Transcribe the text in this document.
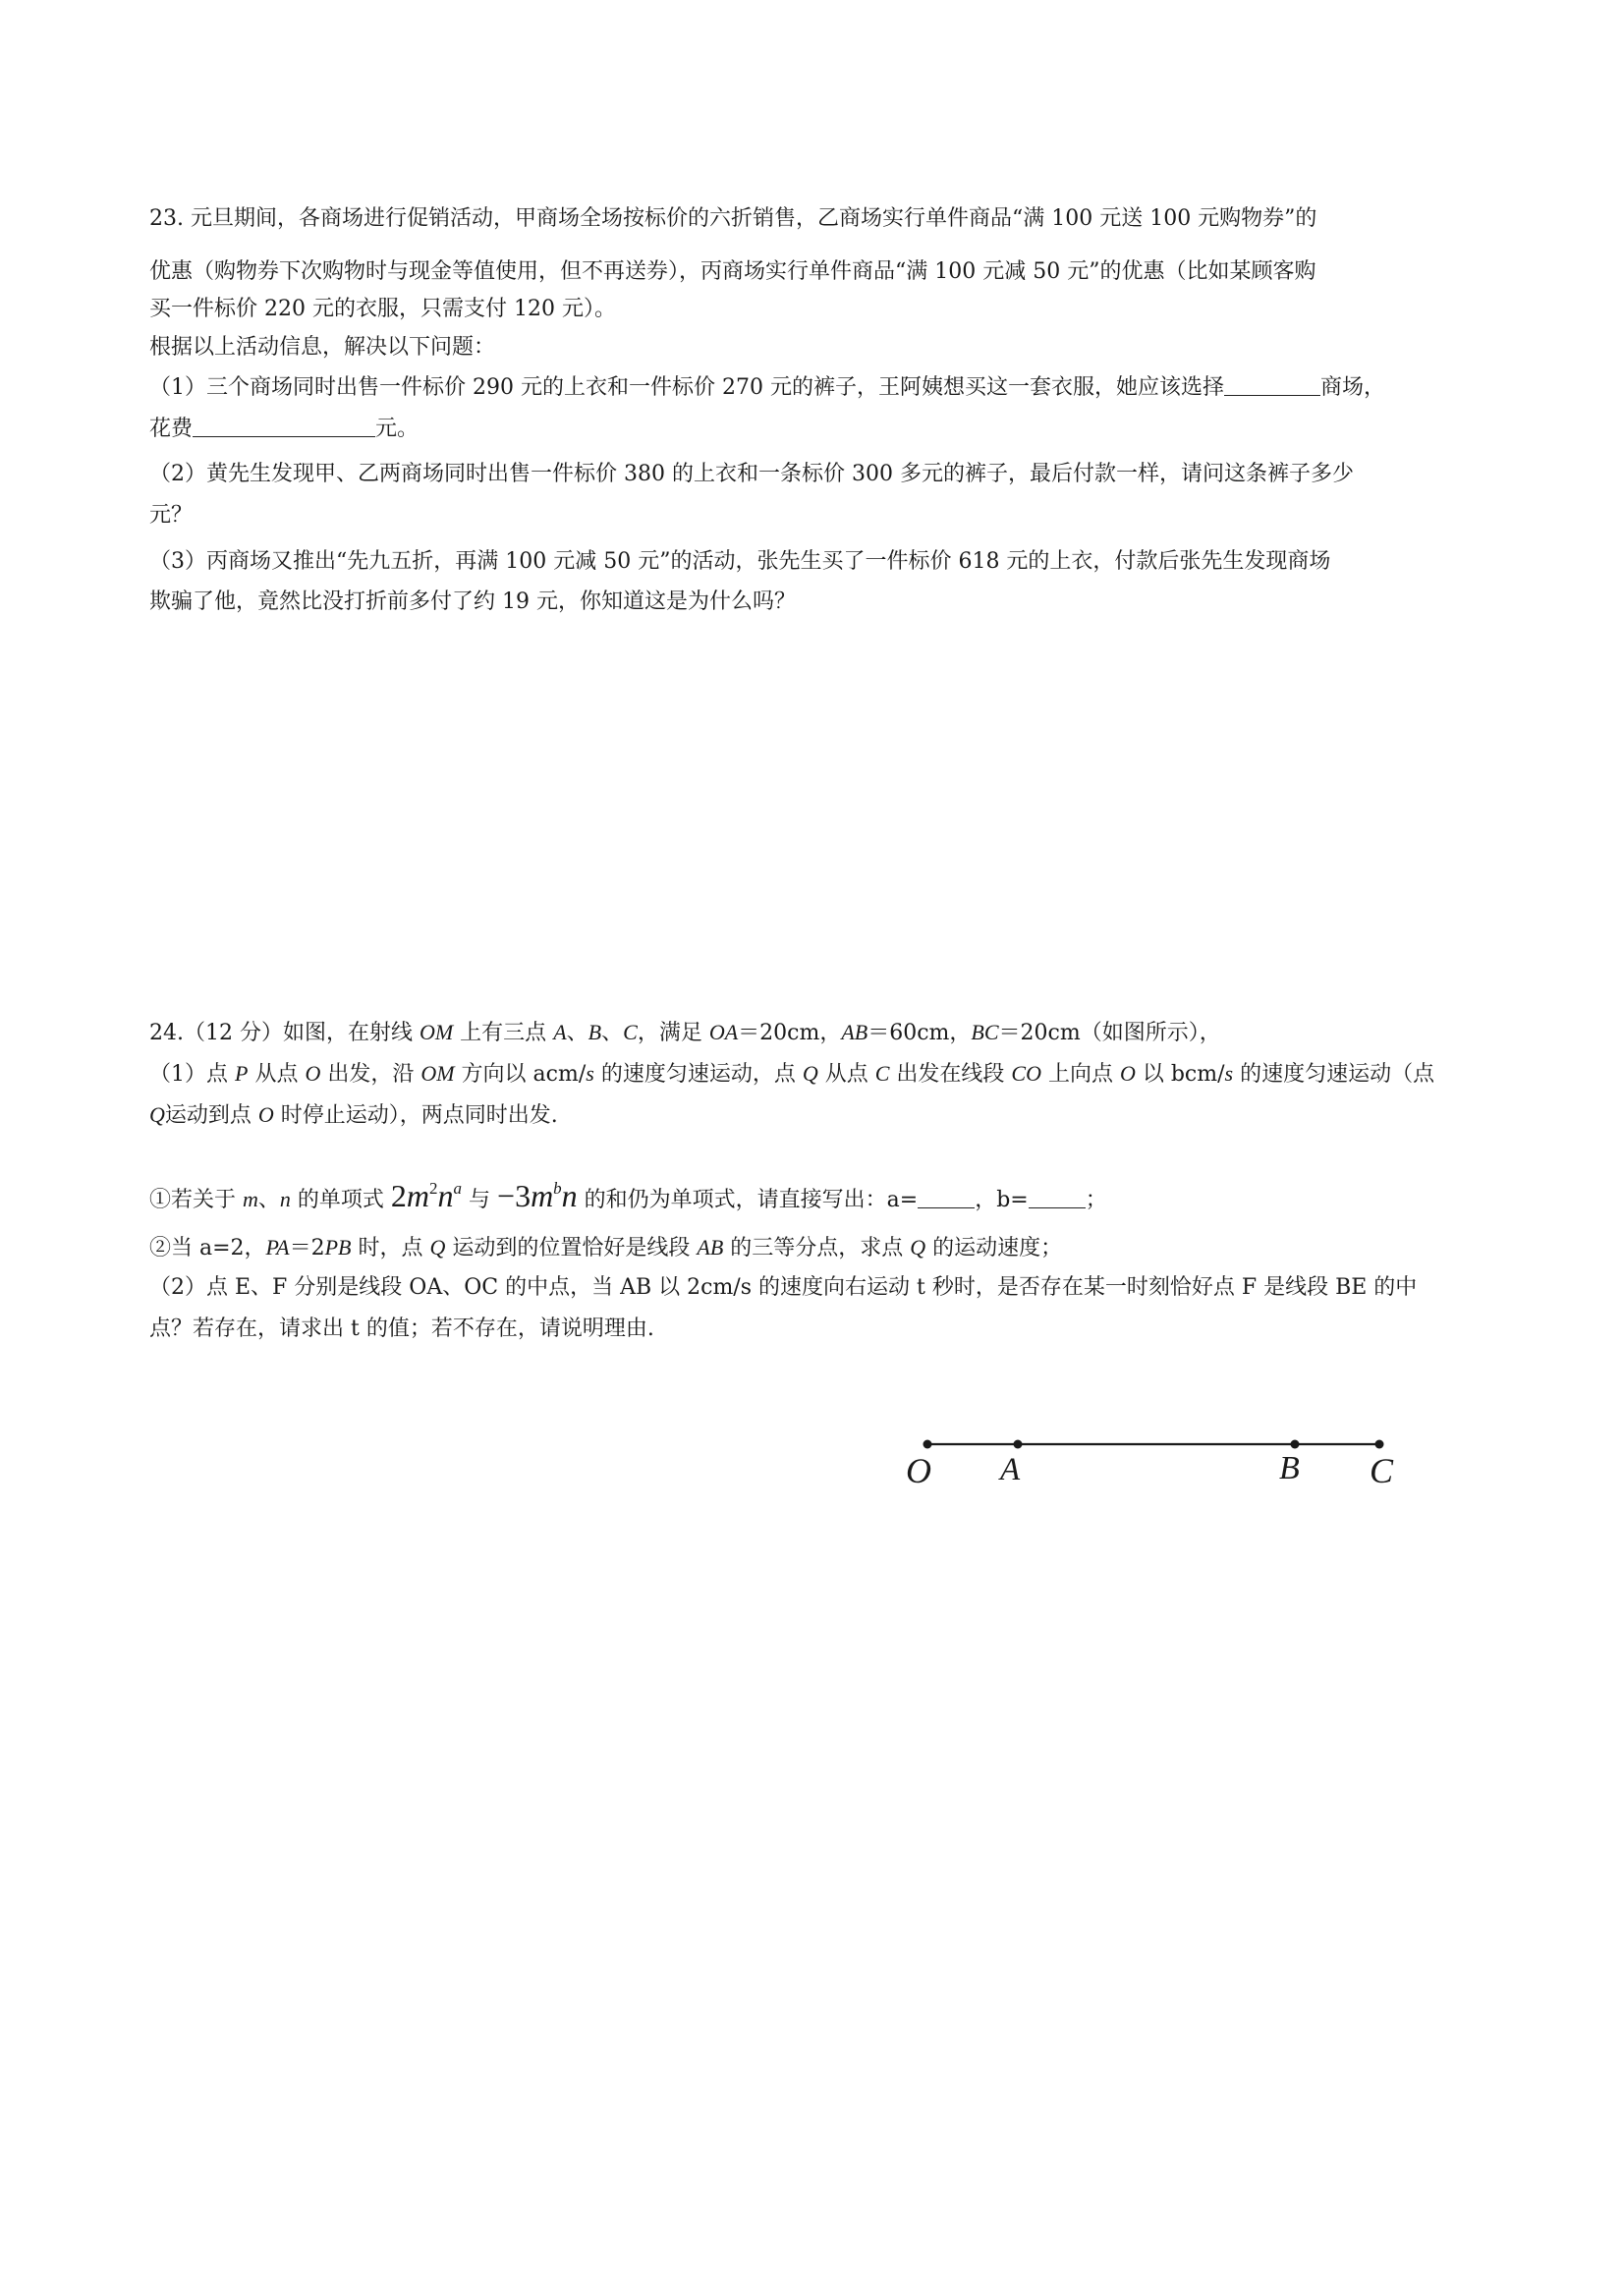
23. 元旦期间，各商场进行促销活动，甲商场全场按标价的六折销售，乙商场实行单件商品“满 100 元送 100 元购物券”的
优惠（购物券下次购物时与现金等值使用，但不再送券），丙商场实行单件商品“满 100 元减 50 元”的优惠（比如某顾客购
买一件标价 220 元的衣服，只需支付 120 元）。
根据以上活动信息，解决以下问题：
（1）三个商场同时出售一件标价 290 元的上衣和一件标价 270 元的裤子，王阿姨想买这一套衣服，她应该选择	商场，
花费	元。
（2）黄先生发现甲、乙两商场同时出售一件标价 380 的上衣和一条标价 300 多元的裤子，最后付款一样，请问这条裤子多少
元？
（3）丙商场又推出“先九五折，再满 100 元减 50 元”的活动，张先生买了一件标价 618 元的上衣，付款后张先生发现商场
欺骗了他，竟然比没打折前多付了约 19 元，你知道这是为什么吗？
24.（12 分）如图，在射线 OM 上有三点 A、B、C，满足 OA＝20cm，AB＝60cm，BC＝20cm（如图所示），
（1）点 P 从点 O 出发，沿 OM 方向以 acm/s 的速度匀速运动，点 Q 从点 C 出发在线段 CO 上向点 O 以 bcm/s 的速度匀速运动（点
Q运动到点 O 时停止运动），两点同时出发.
①若关于 m、n 的单项式 $2m^2n^a$ 与 $-3m^bn$ 的和仍为单项式，请直接写出：a=	，b=	；
②当 a=2，PA＝2PB 时，点 Q 运动到的位置恰好是线段 AB 的三等分点，求点 Q 的运动速度；
（2）点 E、F 分别是线段 OA、OC 的中点，当 AB 以 2cm/s 的速度向右运动 t 秒时，是否存在某一时刻恰好点 F 是线段 BE 的中
点？若存在，请求出 t 的值；若不存在，请说明理由.
O A	B C
